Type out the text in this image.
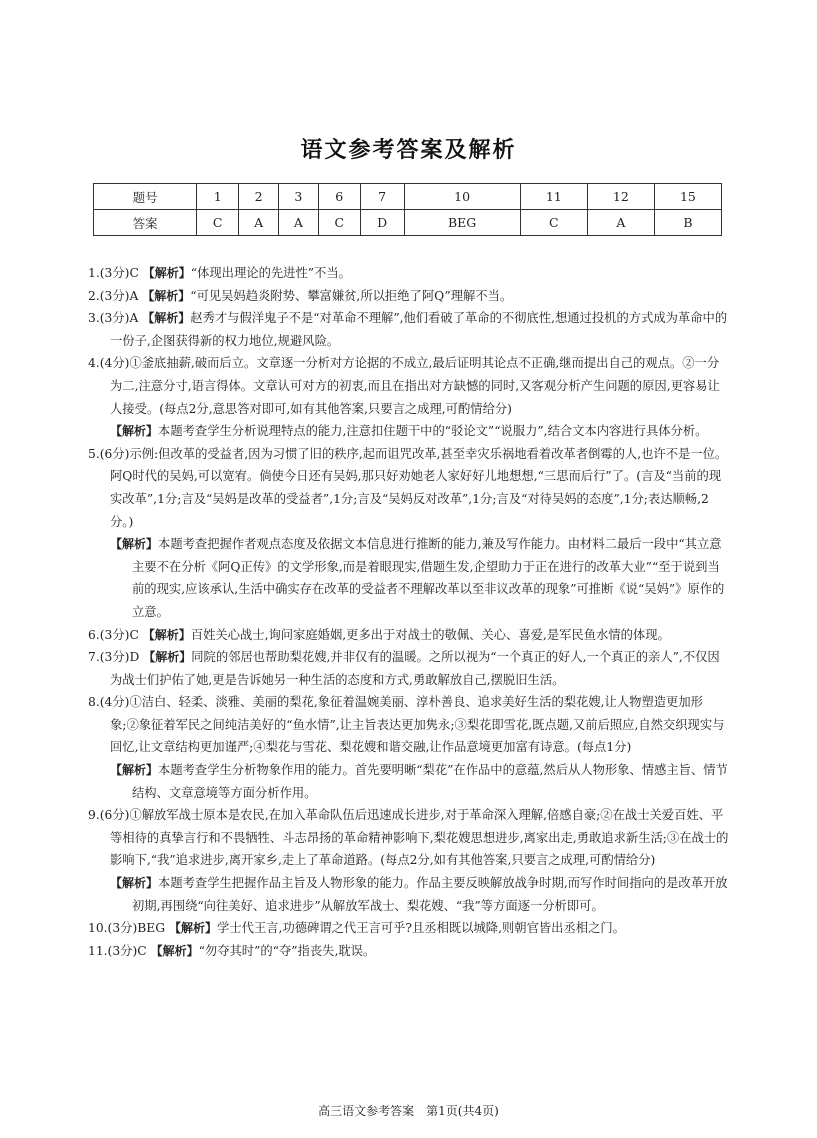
语文参考答案及解析
题号	1	2	3	6	7	10	11	12	15
答案	C	A	A	C	D	BEG	C	A	B
1.(3分)C 【解析】“体现出理论的先进性”不当。
2.(3分)A 【解析】“可见吴妈趋炎附势、攀富嫌贫,所以拒绝了阿Q”理解不当。
3.(3分)A 【解析】赵秀才与假洋鬼子不是“对革命不理解”,他们看破了革命的不彻底性,想通过投机的方式成为革命中的一份子,企图获得新的权力地位,规避风险。
4.(4分)①釜底抽薪,破而后立。文章逐一分析对方论据的不成立,最后证明其论点不正确,继而提出自己的观点。②一分为二,注意分寸,语言得体。文章认可对方的初衷,而且在指出对方缺憾的同时,又客观分析产生问题的原因,更容易让人接受。(每点2分,意思答对即可,如有其他答案,只要言之成理,可酌情给分)
【解析】本题考查学生分析说理特点的能力,注意扣住题干中的“驳论文”“说服力”,结合文本内容进行具体分析。
5.(6分)示例:但改革的受益者,因为习惯了旧的秩序,起而诅咒改革,甚至幸灾乐祸地看着改革者倒霉的人,也许不是一位。阿Q时代的吴妈,可以宽宥。倘使今日还有吴妈,那只好劝她老人家好好儿地想想,“三思而后行”了。(言及“当前的现实改革”,1分;言及“吴妈是改革的受益者”,1分;言及“吴妈反对改革”,1分;言及“对待吴妈的态度”,1分;表达顺畅,2分。)
【解析】本题考查把握作者观点态度及依据文本信息进行推断的能力,兼及写作能力。由材料二最后一段中“其立意主要不在分析《阿Q正传》的文学形象,而是着眼现实,借题生发,企望助力于正在进行的改革大业”“至于说到当前的现实,应该承认,生活中确实存在改革的受益者不理解改革以至非议改革的现象”可推断《说“吴妈”》原作的立意。
6.(3分)C 【解析】百姓关心战士,询问家庭婚姻,更多出于对战士的敬佩、关心、喜爱,是军民鱼水情的体现。
7.(3分)D 【解析】同院的邻居也帮助梨花嫂,并非仅有的温暖。之所以视为“一个真正的好人,一个真正的亲人”,不仅因为战士们护佑了她,更是告诉她另一种生活的态度和方式,勇敢解放自己,摆脱旧生活。
8.(4分)①洁白、轻柔、淡雅、美丽的梨花,象征着温婉美丽、淳朴善良、追求美好生活的梨花嫂,让人物塑造更加形象;②象征着军民之间纯洁美好的“鱼水情”,让主旨表达更加隽永;③梨花即雪花,既点题,又前后照应,自然交织现实与回忆,让文章结构更加谨严;④梨花与雪花、梨花嫂和谐交融,让作品意境更加富有诗意。(每点1分)
【解析】本题考查学生分析物象作用的能力。首先要明晰“梨花”在作品中的意蕴,然后从人物形象、情感主旨、情节结构、文章意境等方面分析作用。
9.(6分)①解放军战士原本是农民,在加入革命队伍后迅速成长进步,对于革命深入理解,倍感自豪;②在战士关爱百姓、平等相待的真挚言行和不畏牺牲、斗志昂扬的革命精神影响下,梨花嫂思想进步,离家出走,勇敢追求新生活;③在战士的影响下,“我”追求进步,离开家乡,走上了革命道路。(每点2分,如有其他答案,只要言之成理,可酌情给分)
【解析】本题考查学生把握作品主旨及人物形象的能力。作品主要反映解放战争时期,而写作时间指向的是改革开放初期,再围绕“向往美好、追求进步”从解放军战士、梨花嫂、“我”等方面逐一分析即可。
10.(3分)BEG 【解析】学士代王言,功德碑谓之代王言可乎?且丞相既以城降,则朝官皆出丞相之门。
11.(3分)C 【解析】“勿夺其时”的“夺”指丧失,耽误。
高三语文参考答案　第1页(共4页)
